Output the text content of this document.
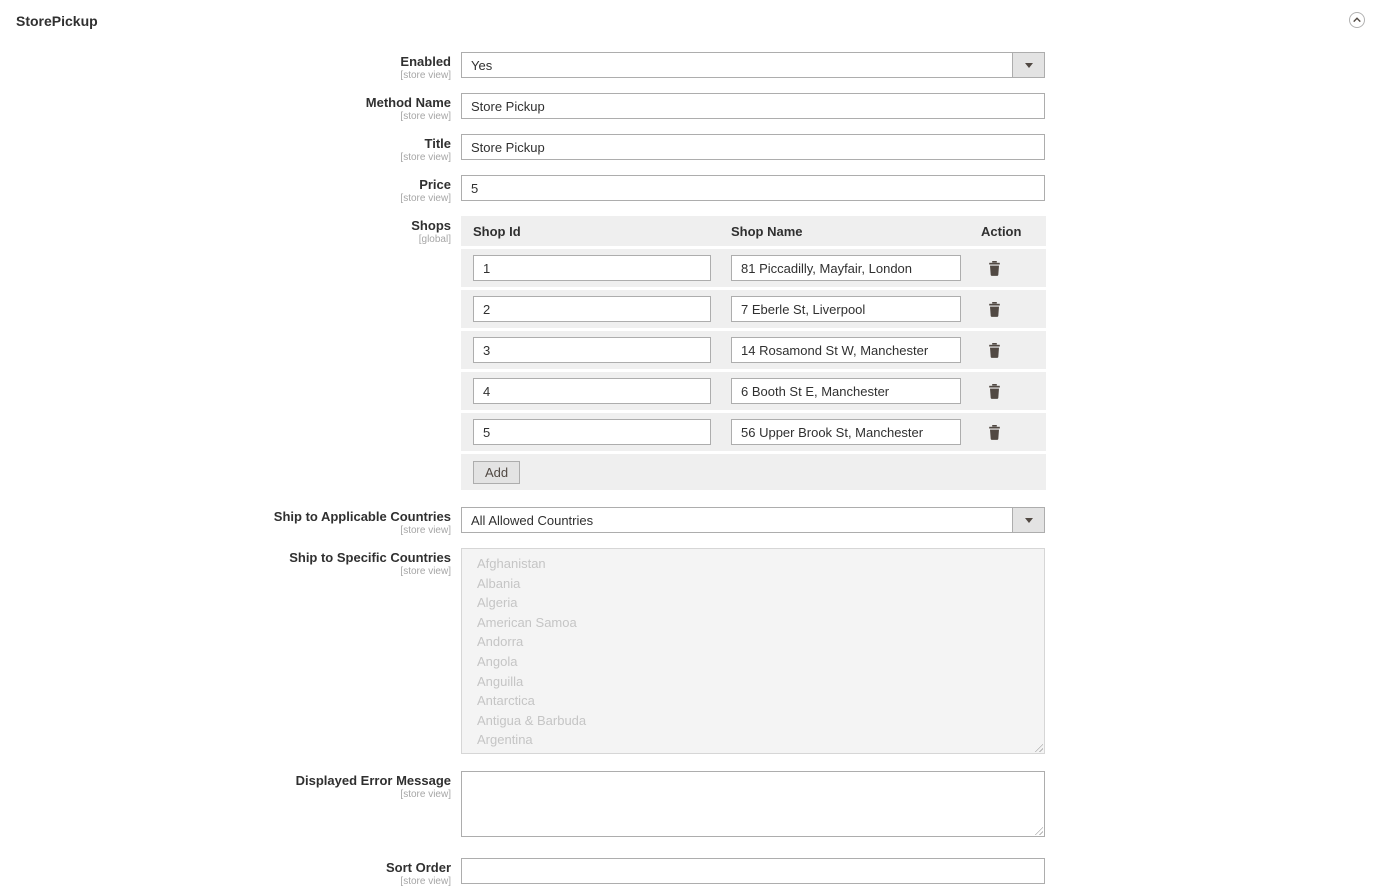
StorePickup
Enabled
[store view]
Yes
Method Name
[store view]
Store Pickup
Title
[store view]
Store Pickup
Price
[store view]
5
Shops
[global]
Shop Id	Shop Name	Action
1
81 Piccadilly, Mayfair, London
2
7 Eberle St, Liverpool
3
14 Rosamond St W, Manchester
4
6 Booth St E, Manchester
5
56 Upper Brook St, Manchester
Add
Ship to Applicable Countries
[store view]
All Allowed Countries
Ship to Specific Countries
[store view]
Afghanistan
Albania
Algeria
American Samoa
Andorra
Angola
Anguilla
Antarctica
Antigua & Barbuda
Argentina
Displayed Error Message
[store view]
Sort Order
[store view]
